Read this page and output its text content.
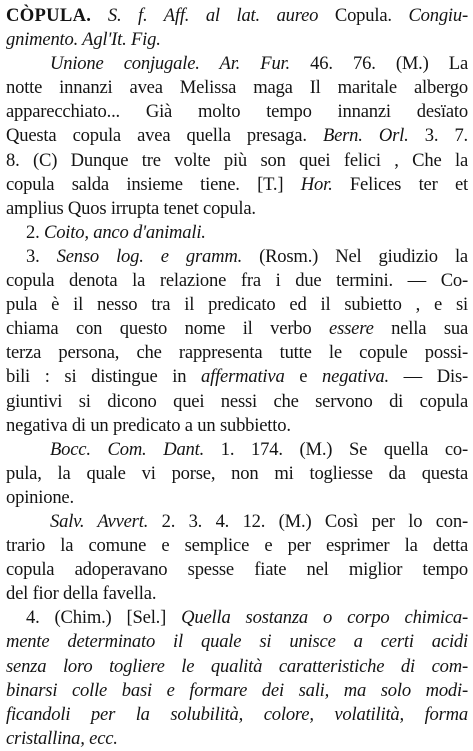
CÒPULA. S. f. Aff. al lat. aureo Copula. Congiu-
gnimento. Agl'It. Fig.
Unione conjugale. Ar. Fur. 46. 76. (M.) La
notte innanzi avea Melissa maga Il maritale albergo
apparecchiato... Già molto tempo innanzi desïato
Questa copula avea quella presaga. Bern. Orl. 3. 7.
8. (C) Dunque tre volte più son quei felici , Che la
copula salda insieme tiene. [T.] Hor. Felices ter et
amplius Quos irrupta tenet copula.
2. Coito, anco d'animali.
3. Senso log. e gramm. (Rosm.) Nel giudizio la
copula denota la relazione fra i due termini. — Co-
pula è il nesso tra il predicato ed il subietto , e si
chiama con questo nome il verbo essere nella sua
terza persona, che rappresenta tutte le copule possi-
bili : si distingue in affermativa e negativa. — Dis-
giuntivi si dicono quei nessi che servono di copula
negativa di un predicato a un subbietto.
Bocc. Com. Dant. 1. 174. (M.) Se quella co-
pula, la quale vi porse, non mi togliesse da questa
opinione.
Salv. Avvert. 2. 3. 4. 12. (M.) Così per lo con-
trario la comune e semplice e per esprimer la detta
copula adoperavano spesse fiate nel miglior tempo
del fior della favella.
4. (Chim.) [Sel.] Quella sostanza o corpo chimica-
mente determinato il quale si unisce a certi acidi
senza loro togliere le qualità caratteristiche di com-
binarsi colle basi e formare dei sali, ma solo modi-
ficandoli per la solubilità, colore, volatilità, forma
cristallina, ecc.
